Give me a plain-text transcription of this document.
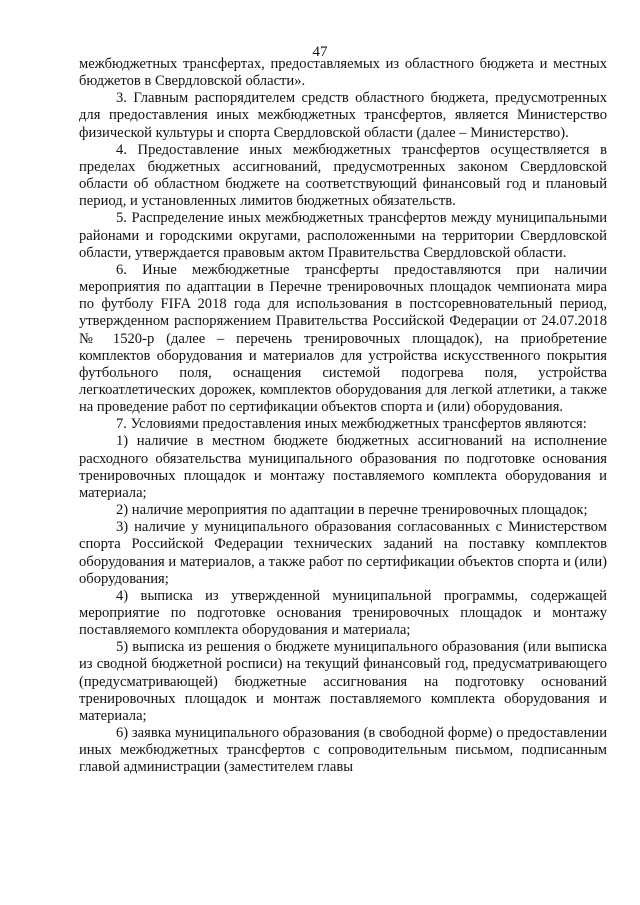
47

межбюджетных трансфертах, предоставляемых из областного бюджета и местных бюджетов в Свердловской области».

3. Главным распорядителем средств областного бюджета, предусмотренных для предоставления иных межбюджетных трансфертов, является Министерство физической культуры и спорта Свердловской области (далее – Министерство).

4. Предоставление иных межбюджетных трансфертов осуществляется в пределах бюджетных ассигнований, предусмотренных законом Свердловской области об областном бюджете на соответствующий финансовый год и плановый период, и установленных лимитов бюджетных обязательств.

5. Распределение иных межбюджетных трансфертов между муниципальными районами и городскими округами, расположенными на территории Свердловской области, утверждается правовым актом Правительства Свердловской области.

6. Иные межбюджетные трансферты предоставляются при наличии мероприятия по адаптации в Перечне тренировочных площадок чемпионата мира по футболу FIFA 2018 года для использования в постсоревновательный период, утвержденном распоряжением Правительства Российской Федерации от 24.07.2018 № 1520-р (далее – перечень тренировочных площадок), на приобретение комплектов оборудования и материалов для устройства искусственного покрытия футбольного поля, оснащения системой подогрева поля, устройства легкоатлетических дорожек, комплектов оборудования для легкой атлетики, а также на проведение работ по сертификации объектов спорта и (или) оборудования.

7. Условиями предоставления иных межбюджетных трансфертов являются:

1) наличие в местном бюджете бюджетных ассигнований на исполнение расходного обязательства муниципального образования по подготовке основания тренировочных площадок и монтажу поставляемого комплекта оборудования и материала;

2) наличие мероприятия по адаптации в перечне тренировочных площадок;

3) наличие у муниципального образования согласованных с Министерством спорта Российской Федерации технических заданий на поставку комплектов оборудования и материалов, а также работ по сертификации объектов спорта и (или) оборудования;

4) выписка из утвержденной муниципальной программы, содержащей мероприятие по подготовке основания тренировочных площадок и монтажу поставляемого комплекта оборудования и материала;

5) выписка из решения о бюджете муниципального образования (или выписка из сводной бюджетной росписи) на текущий финансовый год, предусматривающего (предусматривающей) бюджетные ассигнования на подготовку оснований тренировочных площадок и монтаж поставляемого комплекта оборудования и материала;

6) заявка муниципального образования (в свободной форме) о предоставлении иных межбюджетных трансфертов с сопроводительным письмом, подписанным главой администрации (заместителем главы
